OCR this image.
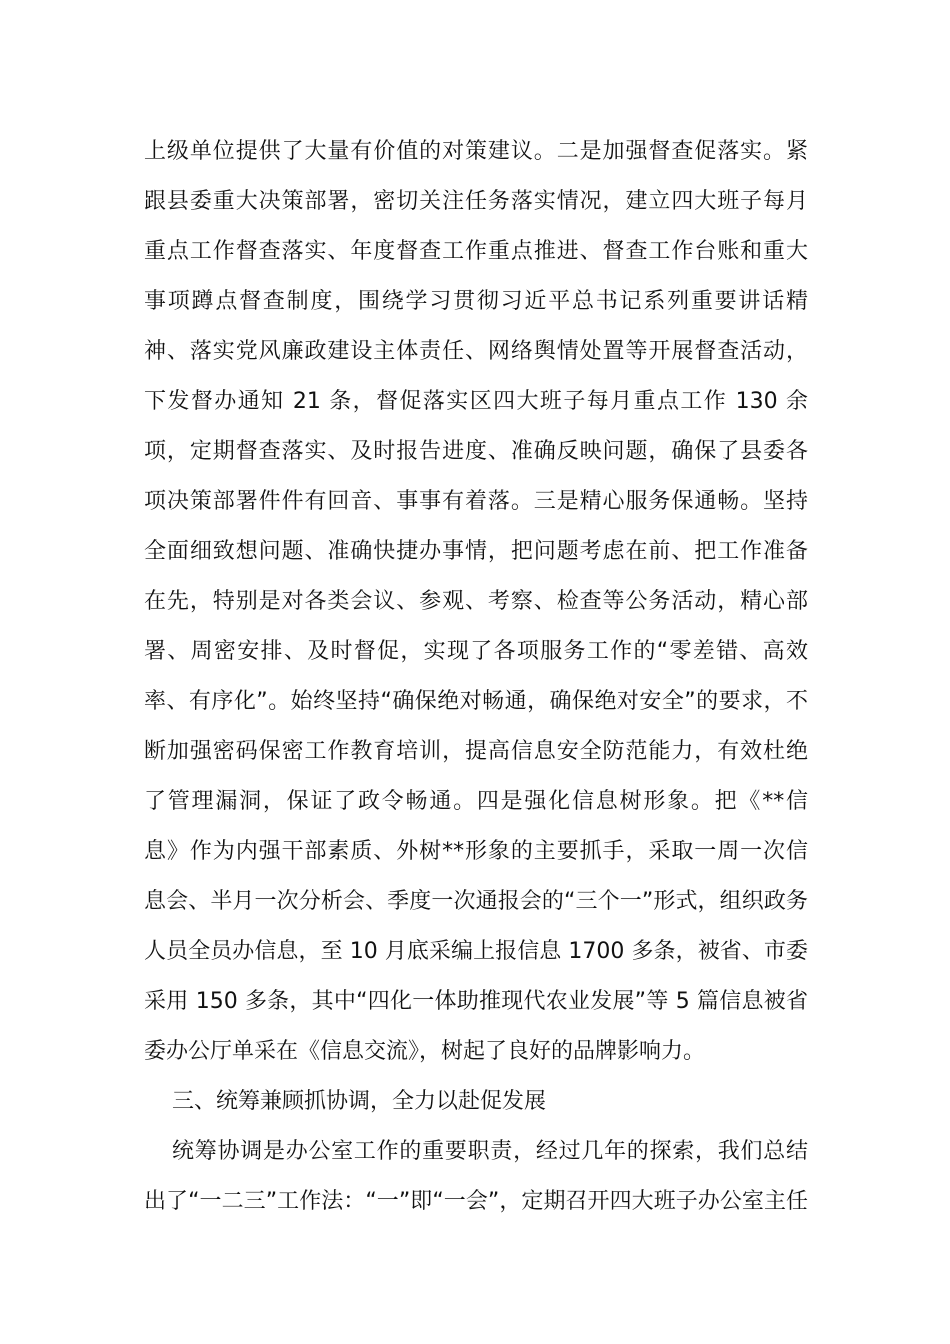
上级单位提供了大量有价值的对策建议。二是加强督查促落实。紧
跟县委重大决策部署，密切关注任务落实情况，建立四大班子每月
重点工作督查落实、年度督查工作重点推进、督查工作台账和重大
事项蹲点督查制度，围绕学习贯彻习近平总书记系列重要讲话精
神、落实党风廉政建设主体责任、网络舆情处置等开展督查活动，
下发督办通知 21 条，督促落实区四大班子每月重点工作 130 余
项，定期督查落实、及时报告进度、准确反映问题，确保了县委各
项决策部署件件有回音、事事有着落。三是精心服务保通畅。坚持
全面细致想问题、准确快捷办事情，把问题考虑在前、把工作准备
在先，特别是对各类会议、参观、考察、检查等公务活动，精心部
署、周密安排、及时督促，实现了各项服务工作的“零差错、高效
率、有序化”。始终坚持“确保绝对畅通，确保绝对安全”的要求，不
断加强密码保密工作教育培训，提高信息安全防范能力，有效杜绝
了管理漏洞，保证了政令畅通。四是强化信息树形象。把《**信
息》作为内强干部素质、外树**形象的主要抓手，采取一周一次信
息会、半月一次分析会、季度一次通报会的“三个一”形式，组织政务
人员全员办信息，至 10 月底采编上报信息 1700 多条，被省、市委
采用 150 多条，其中“四化一体助推现代农业发展”等 5 篇信息被省
委办公厅单采在《信息交流》，树起了良好的品牌影响力。
三、统筹兼顾抓协调，全力以赴促发展
统筹协调是办公室工作的重要职责，经过几年的探索，我们总结
出了“一二三”工作法：“一”即“一会”，定期召开四大班子办公室主任
